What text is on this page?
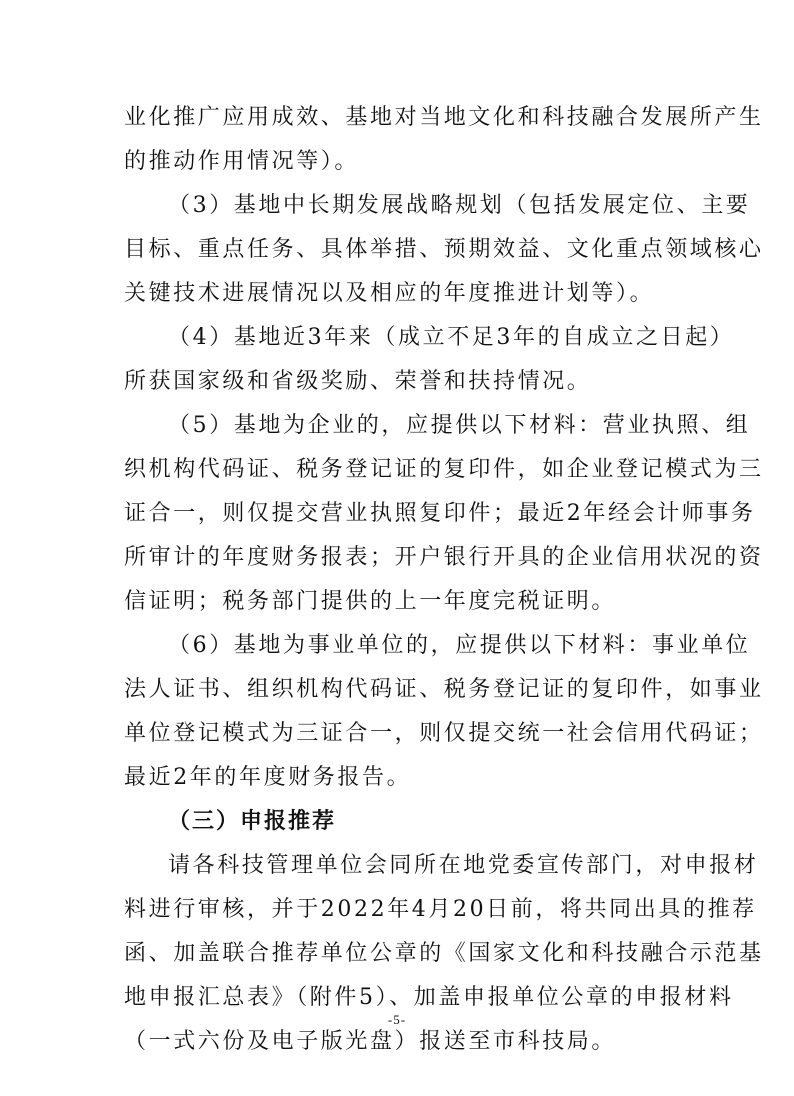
业化推广应用成效、基地对当地文化和科技融合发展所产生
的推动作用情况等）。
（3）基地中长期发展战略规划（包括发展定位、主要
目标、重点任务、具体举措、预期效益、文化重点领域核心
关键技术进展情况以及相应的年度推进计划等）。
（4）基地近3年来（成立不足3年的自成立之日起）
所获国家级和省级奖励、荣誉和扶持情况。
（5）基地为企业的，应提供以下材料：营业执照、组
织机构代码证、税务登记证的复印件，如企业登记模式为三
证合一，则仅提交营业执照复印件；最近2年经会计师事务
所审计的年度财务报表；开户银行开具的企业信用状况的资
信证明；税务部门提供的上一年度完税证明。
（6）基地为事业单位的，应提供以下材料：事业单位
法人证书、组织机构代码证、税务登记证的复印件，如事业
单位登记模式为三证合一，则仅提交统一社会信用代码证；
最近2年的年度财务报告。
（三）申报推荐
请各科技管理单位会同所在地党委宣传部门，对申报材
料进行审核，并于2022年4月20日前，将共同出具的推荐
函、加盖联合推荐单位公章的《国家文化和科技融合示范基
地申报汇总表》（附件5）、加盖申报单位公章的申报材料
（一式六份及电子版光盘）报送至市科技局。
-5-
